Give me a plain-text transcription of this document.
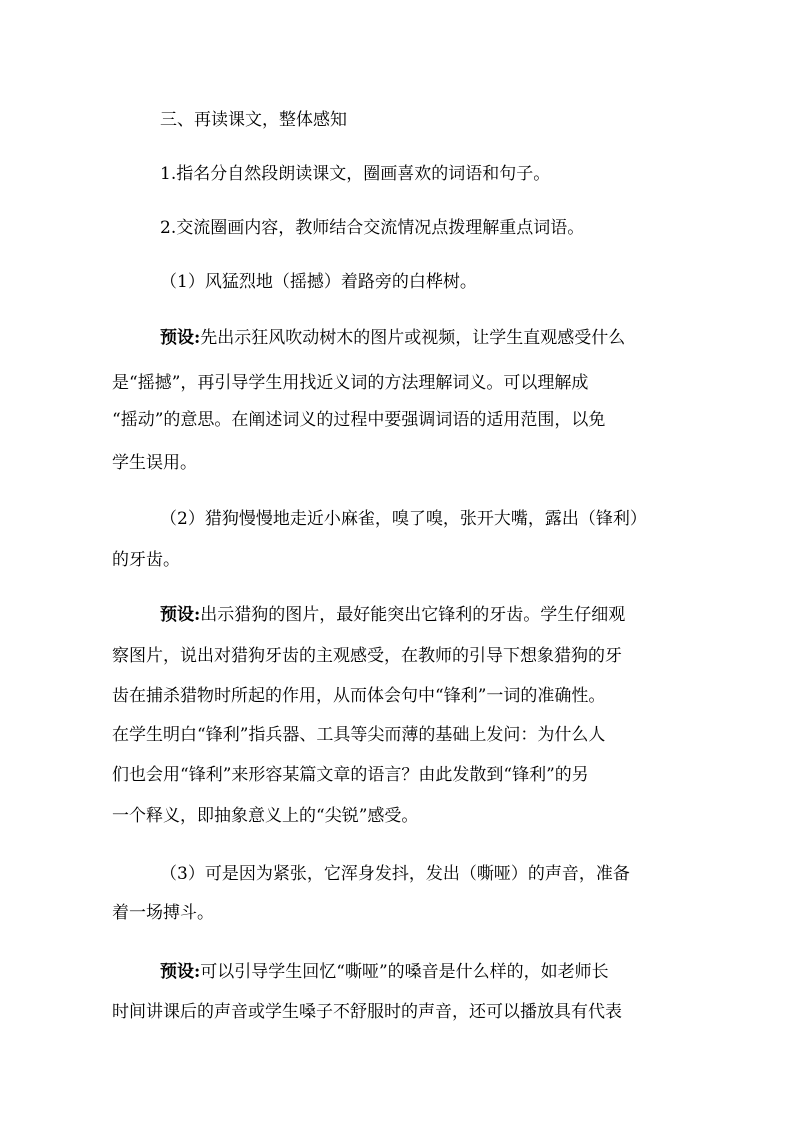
三、再读课文，整体感知
1.指名分自然段朗读课文，圈画喜欢的词语和句子。
2.交流圈画内容，教师结合交流情况点拨理解重点词语。
（1）风猛烈地（摇撼）着路旁的白桦树。
预设:先出示狂风吹动树木的图片或视频，让学生直观感受什么
是“摇撼”，再引导学生用找近义词的方法理解词义。可以理解成
“摇动”的意思。在阐述词义的过程中要强调词语的适用范围，以免
学生误用。
（2）猎狗慢慢地走近小麻雀，嗅了嗅，张开大嘴，露出（锋利）
的牙齿。
预设:出示猎狗的图片，最好能突出它锋利的牙齿。学生仔细观
察图片，说出对猎狗牙齿的主观感受，在教师的引导下想象猎狗的牙
齿在捕杀猎物时所起的作用，从而体会句中“锋利”一词的准确性。
在学生明白“锋利”指兵器、工具等尖而薄的基础上发问：为什么人
们也会用“锋利”来形容某篇文章的语言？由此发散到“锋利”的另
一个释义，即抽象意义上的“尖锐”感受。
（3）可是因为紧张，它浑身发抖，发出（嘶哑）的声音，准备
着一场搏斗。
预设:可以引导学生回忆“嘶哑”的嗓音是什么样的，如老师长
时间讲课后的声音或学生嗓子不舒服时的声音，还可以播放具有代表
